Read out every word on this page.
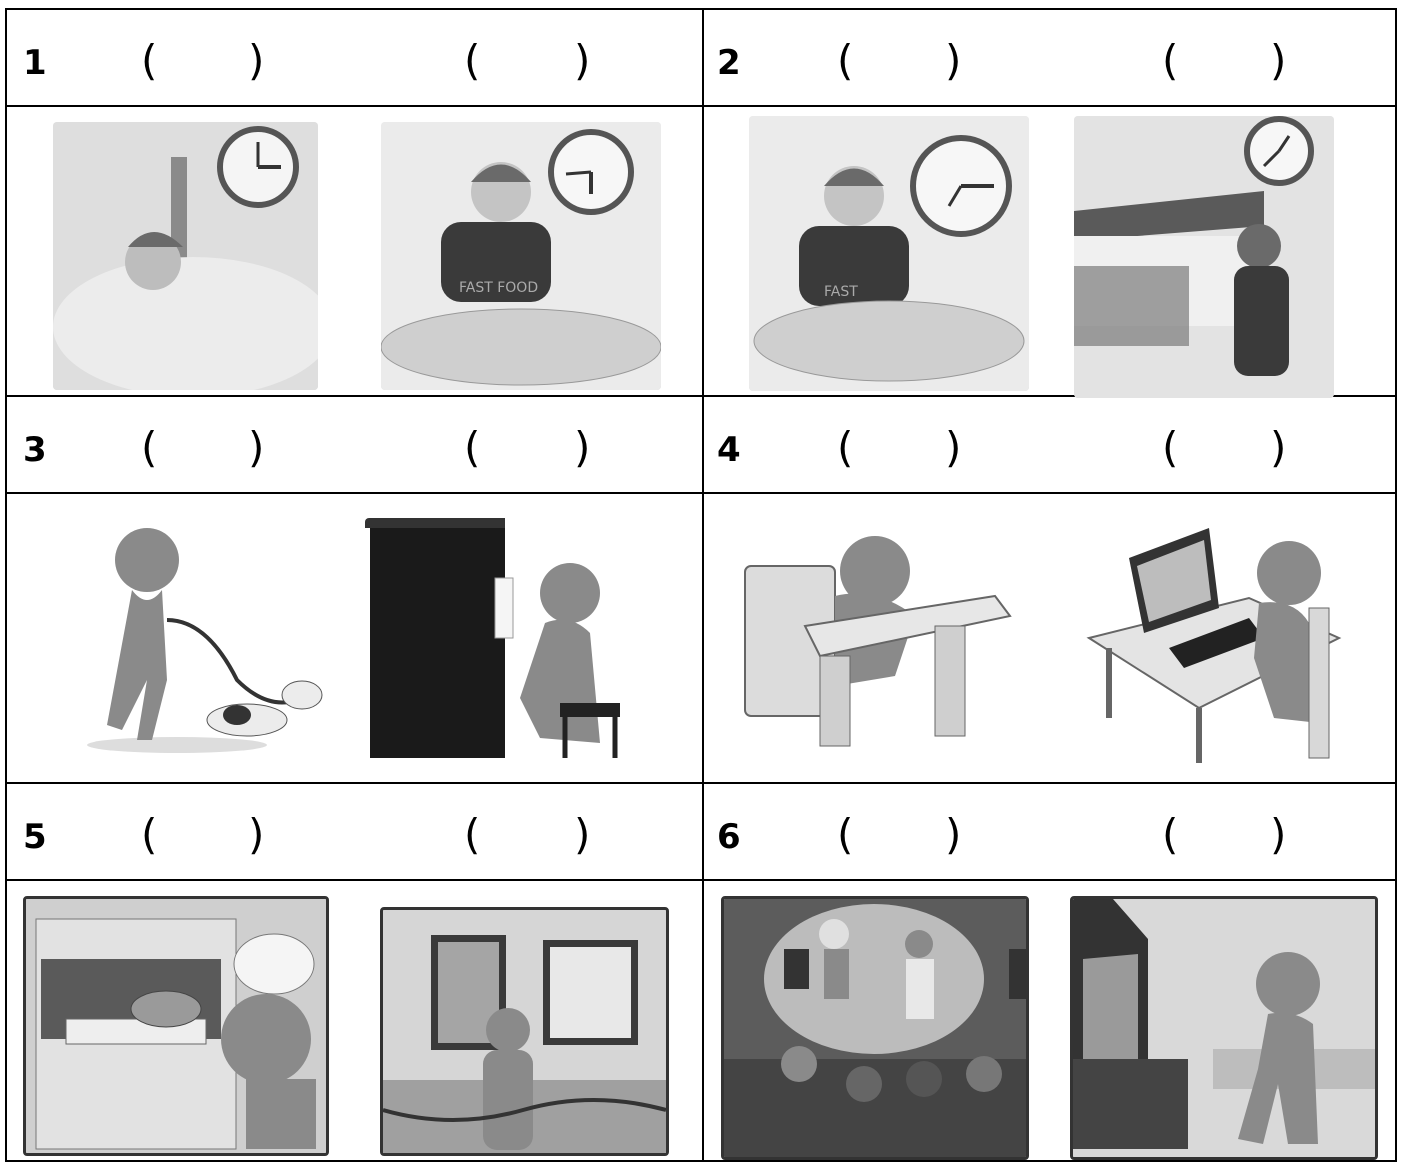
1 ( )	( )	2 ( )	( )
FAST FOOD	FAST
3 ( )	( )	4 ( )	( )
5 ( )	( )	6 ( )	( )
